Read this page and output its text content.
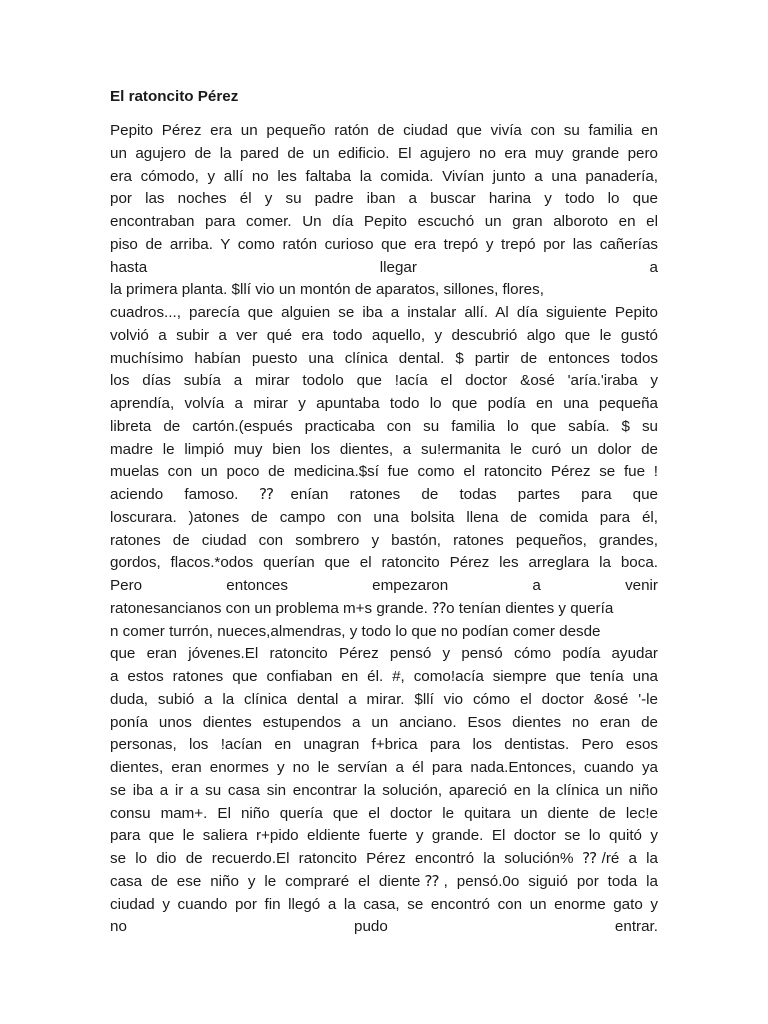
El ratoncito Pérez
Pepito Pérez era un pequeño ratón de ciudad que vivía con su familia en
un agujero de la pared de un edificio. El agujero no era muy grande pero
era cómodo, y allí no les faltaba la comida. Vivían junto a una panadería,
por las noches él y su padre iban a buscar harina y todo lo que
encontraban para comer. Un día Pepito escuchó un gran alboroto en el
piso de arriba. Y como ratón curioso que era trepó y trepó por las cañerías
hasta llegar a
la primera planta. $llí vio un montón de aparatos, sillones, flores,
cuadros..., parecía que alguien se iba a instalar allí. Al día siguiente Pepito
volvió a subir a ver qué era todo aquello, y descubrió algo que le gustó
muchísimo habían puesto una clínica dental. $ partir de entonces todos
los días subía a mirar todolo que !acía el doctor &osé 'aría.'iraba y
aprendía, volvía a mirar y apuntaba todo lo que podía en una pequeña
libreta de cartón.(espués practicaba con su familia lo que sabía. $ su
madre le limpió muy bien los dientes, a su!ermanita le curó un dolor de
muelas con un poco de medicina.$sí fue como el ratoncito Pérez se fue !
aciendo famoso. ⁇enían ratones de todas partes para que
loscurara. )atones de campo con una bolsita llena de comida para él,
ratones de ciudad con sombrero y bastón, ratones pequeños, grandes,
gordos, flacos.*odos querían que el ratoncito Pérez les arreglara la boca.
Pero entonces empezaron a venir
ratonesancianos con un problema m+s grande. ⁇o tenían dientes y quería
n comer turrón, nueces,almendras, y todo lo que no podían comer desde
que eran jóvenes.El ratoncito Pérez pensó y pensó cómo podía ayudar
a estos ratones que confiaban en él. #, como!acía siempre que tenía una
duda, subió a la clínica dental a mirar. $llí vio cómo el doctor &osé '-le
ponía unos dientes estupendos a un anciano. Esos dientes no eran de
personas, los !acían en unagran f+brica para los dentistas. Pero esos
dientes, eran enormes y no le servían a él para nada.Entonces, cuando ya
se iba a ir a su casa sin encontrar la solución, apareció en la clínica un niño
consu mam+. El niño quería que el doctor le quitara un diente de lec!e
para que le saliera r+pido eldiente fuerte y grande. El doctor se lo quitó y
se lo dio de recuerdo.El ratoncito Pérez encontró la solución% ⁇/ré a la
casa de ese niño y le compraré el diente⁇, pensó.0o siguió por toda la
ciudad y cuando por fin llegó a la casa, se encontró con un enorme gato y
no pudo entrar.
